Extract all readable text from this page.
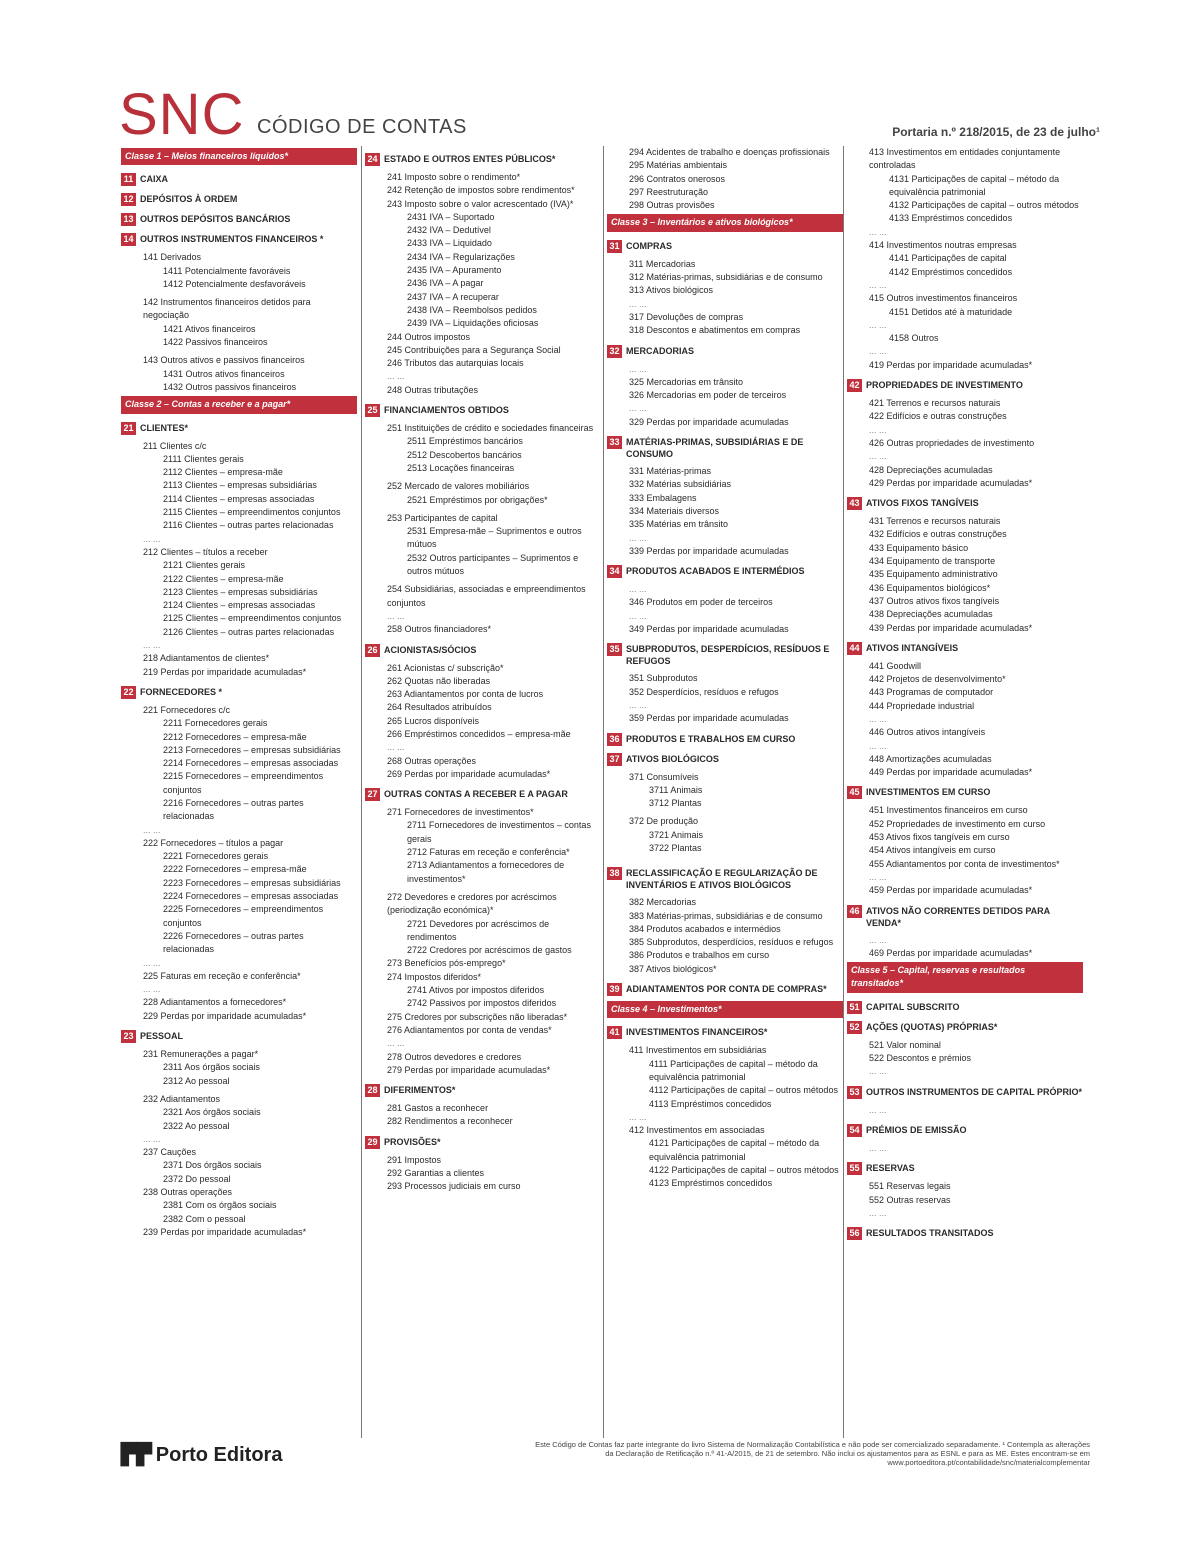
SNC CÓDIGO DE CONTAS	Portaria n.º 218/2015, de 23 de julho¹
Classe 1 – Meios financeiros líquidos*
11 CAIXA
12 DEPÓSITOS À ORDEM
13 OUTROS DEPÓSITOS BANCÁRIOS
14 OUTROS INSTRUMENTOS FINANCEIROS *
141 Derivados
1411 Potencialmente favoráveis
1412 Potencialmente desfavoráveis
142 Instrumentos financeiros detidos para negociação
1421 Ativos financeiros
1422 Passivos financeiros
143 Outros ativos e passivos financeiros
1431 Outros ativos financeiros
1432 Outros passivos financeiros
Classe 2 – Contas a receber e a pagar*
21 CLIENTES*
211 Clientes c/c
2111 Clientes gerais
2112 Clientes – empresa-mãe
2113 Clientes – empresas subsidiárias
2114 Clientes – empresas associadas
2115 Clientes – empreendimentos conjuntos
2116 Clientes – outras partes relacionadas
... ...
212 Clientes – títulos a receber
2121 Clientes gerais
2122 Clientes – empresa-mãe
2123 Clientes – empresas subsidiárias
2124 Clientes – empresas associadas
2125 Clientes – empreendimentos conjuntos
2126 Clientes – outras partes relacionadas
... ...
218 Adiantamentos de clientes*
219 Perdas por imparidade acumuladas*
22 FORNECEDORES *
221 Fornecedores c/c
2211 Fornecedores gerais
2212 Fornecedores – empresa-mãe
2213 Fornecedores – empresas subsidiárias
2214 Fornecedores – empresas associadas
2215 Fornecedores – empreendimentos conjuntos
2216 Fornecedores – outras partes relacionadas
... ...
222 Fornecedores – títulos a pagar
2221 Fornecedores gerais
2222 Fornecedores – empresa-mãe
2223 Fornecedores – empresas subsidiárias
2224 Fornecedores – empresas associadas
2225 Fornecedores – empreendimentos conjuntos
2226 Fornecedores – outras partes relacionadas
... ...
225 Faturas em receção e conferência*
... ...
228 Adiantamentos a fornecedores*
229 Perdas por imparidade acumuladas*
23 PESSOAL
231 Remunerações a pagar*
2311 Aos órgãos sociais
2312 Ao pessoal
232 Adiantamentos
2321 Aos órgãos sociais
2322 Ao pessoal
... ...
237 Cauções
2371 Dos órgãos sociais
2372 Do pessoal
238 Outras operações
2381 Com os órgãos sociais
2382 Com o pessoal
239 Perdas por imparidade acumuladas*
24 ESTADO E OUTROS ENTES PÚBLICOS*
241 Imposto sobre o rendimento*
242 Retenção de impostos sobre rendimentos*
243 Imposto sobre o valor acrescentado (IVA)*
2431 IVA – Suportado
2432 IVA – Dedutível
2433 IVA – Liquidado
2434 IVA – Regularizações
2435 IVA – Apuramento
2436 IVA – A pagar
2437 IVA – A recuperar
2438 IVA – Reembolsos pedidos
2439 IVA – Liquidações oficiosas
244 Outros impostos
245 Contribuições para a Segurança Social
246 Tributos das autarquias locais
... ...
248 Outras tributações
25 FINANCIAMENTOS OBTIDOS
251 Instituições de crédito e sociedades financeiras
2511 Empréstimos bancários
2512 Descobertos bancários
2513 Locações financeiras
252 Mercado de valores mobiliários
2521 Empréstimos por obrigações*
253 Participantes de capital
2531 Empresa-mãe – Suprimentos e outros mútuos
2532 Outros participantes – Suprimentos e outros mútuos
254 Subsidiárias, associadas e empreendimentos conjuntos
... ...
258 Outros financiadores*
26 ACIONISTAS/SÓCIOS
261 Acionistas c/ subscrição*
262 Quotas não liberadas
263 Adiantamentos por conta de lucros
264 Resultados atribuídos
265 Lucros disponíveis
266 Empréstimos concedidos – empresa-mãe
... ...
268 Outras operações
269 Perdas por imparidade acumuladas*
27 OUTRAS CONTAS A RECEBER E A PAGAR
271 Fornecedores de investimentos*
2711 Fornecedores de investimentos – contas gerais
2712 Faturas em receção e conferência*
2713 Adiantamentos a fornecedores de investimentos*
272 Devedores e credores por acréscimos (periodização económica)*
2721 Devedores por acréscimos de rendimentos
2722 Credores por acréscimos de gastos
273 Benefícios pós-emprego*
274 Impostos diferidos*
2741 Ativos por impostos diferidos
2742 Passivos por impostos diferidos
275 Credores por subscrições não liberadas*
276 Adiantamentos por conta de vendas*
... ...
278 Outros devedores e credores
279 Perdas por imparidade acumuladas*
28 DIFERIMENTOS*
281 Gastos a reconhecer
282 Rendimentos a reconhecer
29 PROVISÕES*
291 Impostos
292 Garantias a clientes
293 Processos judiciais em curso
294 Acidentes de trabalho e doenças profissionais
295 Matérias ambientais
296 Contratos onerosos
297 Reestruturação
298 Outras provisões
Classe 3 – Inventários e ativos biológicos*
31 COMPRAS
311 Mercadorias
312 Matérias-primas, subsidiárias e de consumo
313 Ativos biológicos
... ...
317 Devoluções de compras
318 Descontos e abatimentos em compras
32 MERCADORIAS
... ...
325 Mercadorias em trânsito
326 Mercadorias em poder de terceiros
... ...
329 Perdas por imparidade acumuladas
33 MATÉRIAS-PRIMAS, SUBSIDIÁRIAS E DE CONSUMO
331 Matérias-primas
332 Matérias subsidiárias
333 Embalagens
334 Materiais diversos
335 Matérias em trânsito
... ...
339 Perdas por imparidade acumuladas
34 PRODUTOS ACABADOS E INTERMÉDIOS
... ...
346 Produtos em poder de terceiros
... ...
349 Perdas por imparidade acumuladas
35 SUBPRODUTOS, DESPERDÍCIOS, RESÍDUOS E REFUGOS
351 Subprodutos
352 Desperdícios, resíduos e refugos
... ...
359 Perdas por imparidade acumuladas
36 PRODUTOS E TRABALHOS EM CURSO
37 ATIVOS BIOLÓGICOS
371 Consumíveis
3711 Animais
3712 Plantas
372 De produção
3721 Animais
3722 Plantas
38 RECLASSIFICAÇÃO E REGULARIZAÇÃO DE INVENTÁRIOS E ATIVOS BIOLÓGICOS
382 Mercadorias
383 Matérias-primas, subsidiárias e de consumo
384 Produtos acabados e intermédios
385 Subprodutos, desperdícios, resíduos e refugos
386 Produtos e trabalhos em curso
387 Ativos biológicos*
39 ADIANTAMENTOS POR CONTA DE COMPRAS*
Classe 4 – Investimentos*
41 INVESTIMENTOS FINANCEIROS*
411 Investimentos em subsidiárias
4111 Participações de capital – método da equivalência patrimonial
4112 Participações de capital – outros métodos
4113 Empréstimos concedidos
... ...
412 Investimentos em associadas
4121 Participações de capital – método da equivalência patrimonial
4122 Participações de capital – outros métodos
4123 Empréstimos concedidos
413 Investimentos em entidades conjuntamente controladas
4131 Participações de capital – método da equivalência patrimonial
4132 Participações de capital – outros métodos
4133 Empréstimos concedidos
... ...
414 Investimentos noutras empresas
4141 Participações de capital
4142 Empréstimos concedidos
... ...
415 Outros investimentos financeiros
4151 Detidos até à maturidade
... ...
4158 Outros
... ...
419 Perdas por imparidade acumuladas*
42 PROPRIEDADES DE INVESTIMENTO
421 Terrenos e recursos naturais
422 Edifícios e outras construções
... ...
426 Outras propriedades de investimento
... ...
428 Depreciações acumuladas
429 Perdas por imparidade acumuladas*
43 ATIVOS FIXOS TANGÍVEIS
431 Terrenos e recursos naturais
432 Edifícios e outras construções
433 Equipamento básico
434 Equipamento de transporte
435 Equipamento administrativo
436 Equipamentos biológicos*
437 Outros ativos fixos tangíveis
438 Depreciações acumuladas
439 Perdas por imparidade acumuladas*
44 ATIVOS INTANGÍVEIS
441 Goodwill
442 Projetos de desenvolvimento*
443 Programas de computador
444 Propriedade industrial
... ...
446 Outros ativos intangíveis
... ...
448 Amortizações acumuladas
449 Perdas por imparidade acumuladas*
45 INVESTIMENTOS EM CURSO
451 Investimentos financeiros em curso
452 Propriedades de investimento em curso
453 Ativos fixos tangíveis em curso
454 Ativos intangíveis em curso
455 Adiantamentos por conta de investimentos*
... ...
459 Perdas por imparidade acumuladas*
46 ATIVOS NÃO CORRENTES DETIDOS PARA VENDA*
... ...
469 Perdas por imparidade acumuladas*
Classe 5 – Capital, reservas e resultados transitados*
51 CAPITAL SUBSCRITO
52 AÇÕES (QUOTAS) PRÓPRIAS*
521 Valor nominal
522 Descontos e prémios
... ...
53 OUTROS INSTRUMENTOS DE CAPITAL PRÓPRIO*
... ...
54 PRÉMIOS DE EMISSÃO
... ...
55 RESERVAS
551 Reservas legais
552 Outras reservas
... ...
56 RESULTADOS TRANSITADOS
▛▛ Porto Editora	Este Código de Contas faz parte integrante do livro Sistema de Normalização Contabilística e não pode ser comercializado separadamente. ¹ Contempla as alterações da Declaração de Retificação n.º 41-A/2015, de 21 de setembro. Não inclui os ajustamentos para as ESNL e para as ME. Estes encontram-se em www.portoeditora.pt/contabilidade/snc/materialcomplementar
